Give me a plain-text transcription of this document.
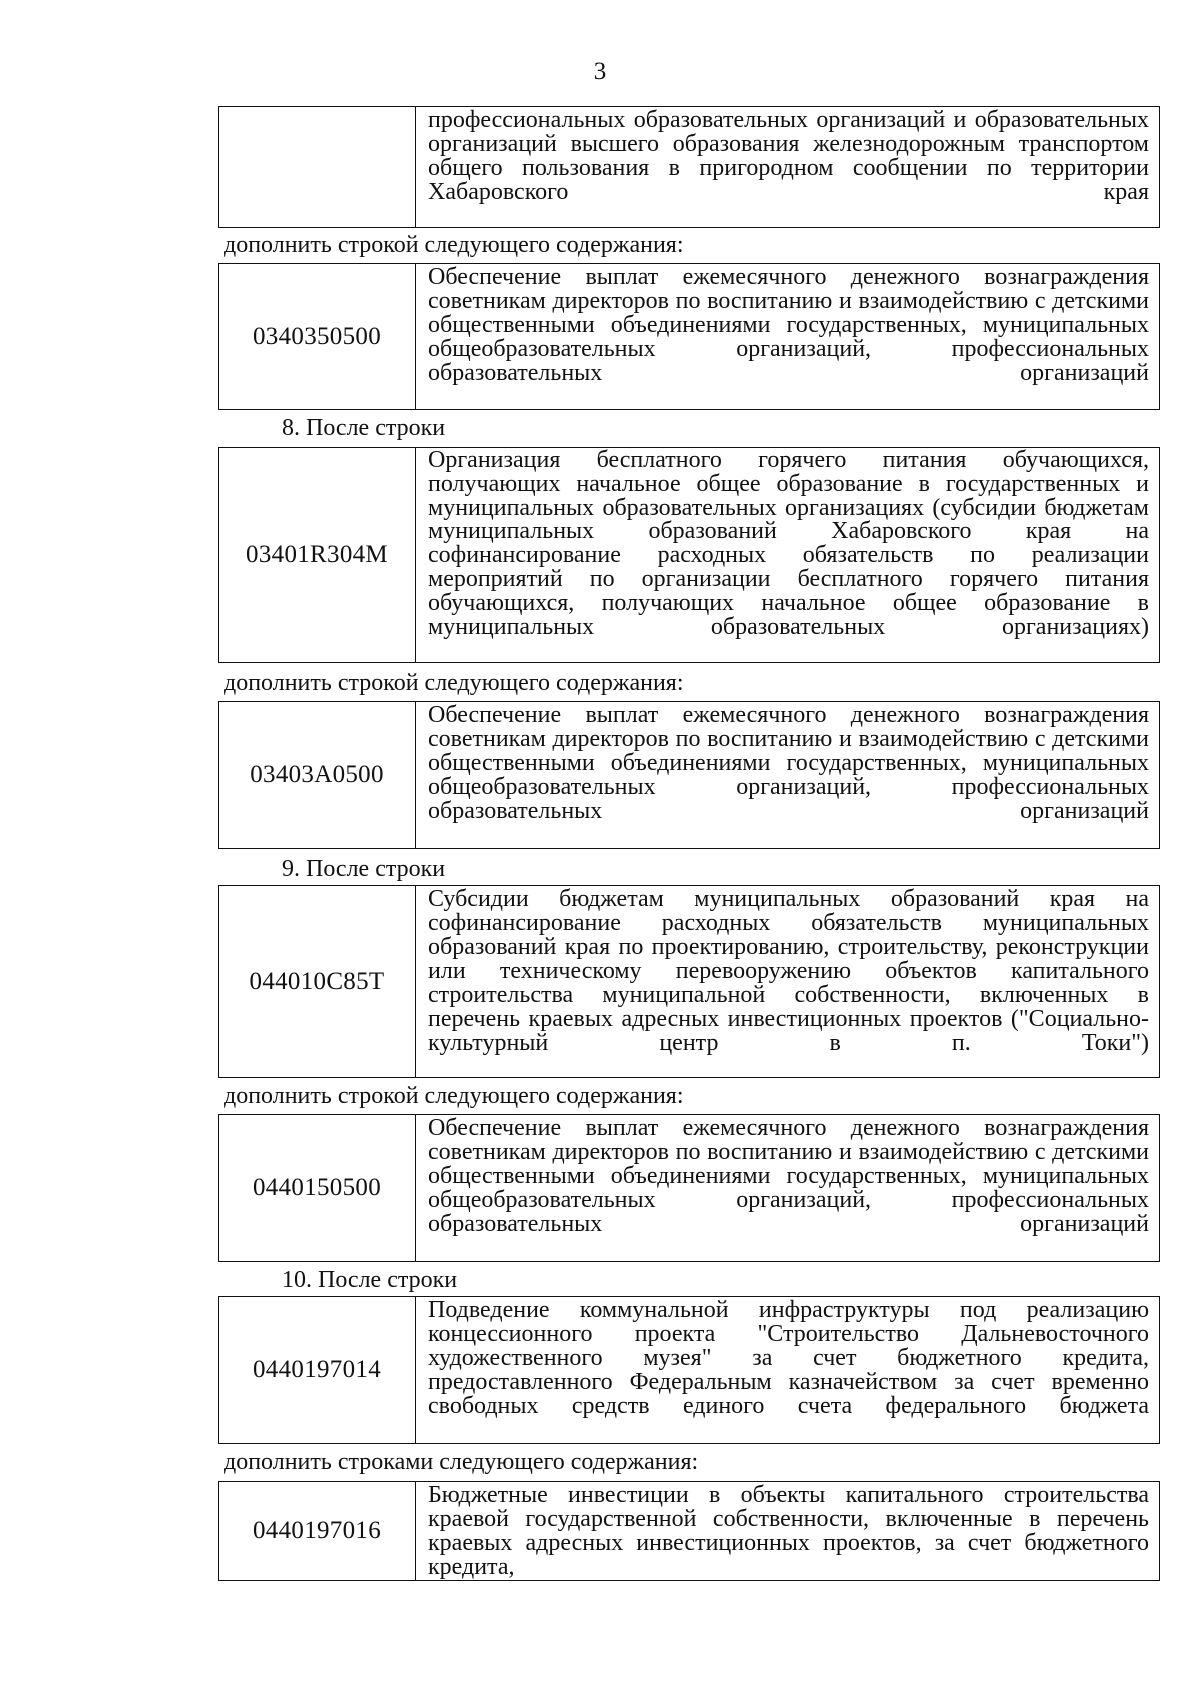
3
профессиональных образовательных организаций и образовательных организаций высшего образования железнодорожным транспортом общего пользования в пригородном сообщении по территории Хабаровского края
дополнить строкой следующего содержания:
0340350500
Обеспечение выплат ежемесячного денежного вознаграждения советникам директоров по воспитанию и взаимодействию с детскими общественными объединениями государственных, муниципальных общеобразовательных организаций, профессиональных образовательных организаций
8. После строки
03401R304M
Организация бесплатного горячего питания обучающихся, получающих начальное общее образование в государственных и муниципальных образовательных организациях (субсидии бюджетам муниципальных образований Хабаровского края на софинансирование расходных обязательств по реализации мероприятий по организации бесплатного горячего питания обучающихся, получающих начальное общее образование в муниципальных образовательных организациях)
дополнить строкой следующего содержания:
03403А0500
Обеспечение выплат ежемесячного денежного вознаграждения советникам директоров по воспитанию и взаимодействию с детскими общественными объединениями государственных, муниципальных общеобразовательных организаций, профессиональных образовательных организаций
9. После строки
044010С85Т
Субсидии бюджетам муниципальных образований края на софинансирование расходных обязательств муниципальных образований края по проектированию, строительству, реконструкции или техническому перевооружению объектов капитального строительства муниципальной собственности, включенных в перечень краевых адресных инвестиционных проектов ("Социально-культурный центр в п. Токи")
дополнить строкой следующего содержания:
0440150500
Обеспечение выплат ежемесячного денежного вознаграждения советникам директоров по воспитанию и взаимодействию с детскими общественными объединениями государственных, муниципальных общеобразовательных организаций, профессиональных образовательных организаций
10. После строки
0440197014
Подведение коммунальной инфраструктуры под реализацию концессионного проекта "Строительство Дальневосточного художественного музея" за счет бюджетного кредита, предоставленного Федеральным казначейством за счет временно свободных средств единого счета федерального бюджета
дополнить строками следующего содержания:
0440197016
Бюджетные инвестиции в объекты капитального строительства краевой государственной собственности, включенные в перечень краевых адресных инвестиционных проектов, за счет бюджетного кредита,
